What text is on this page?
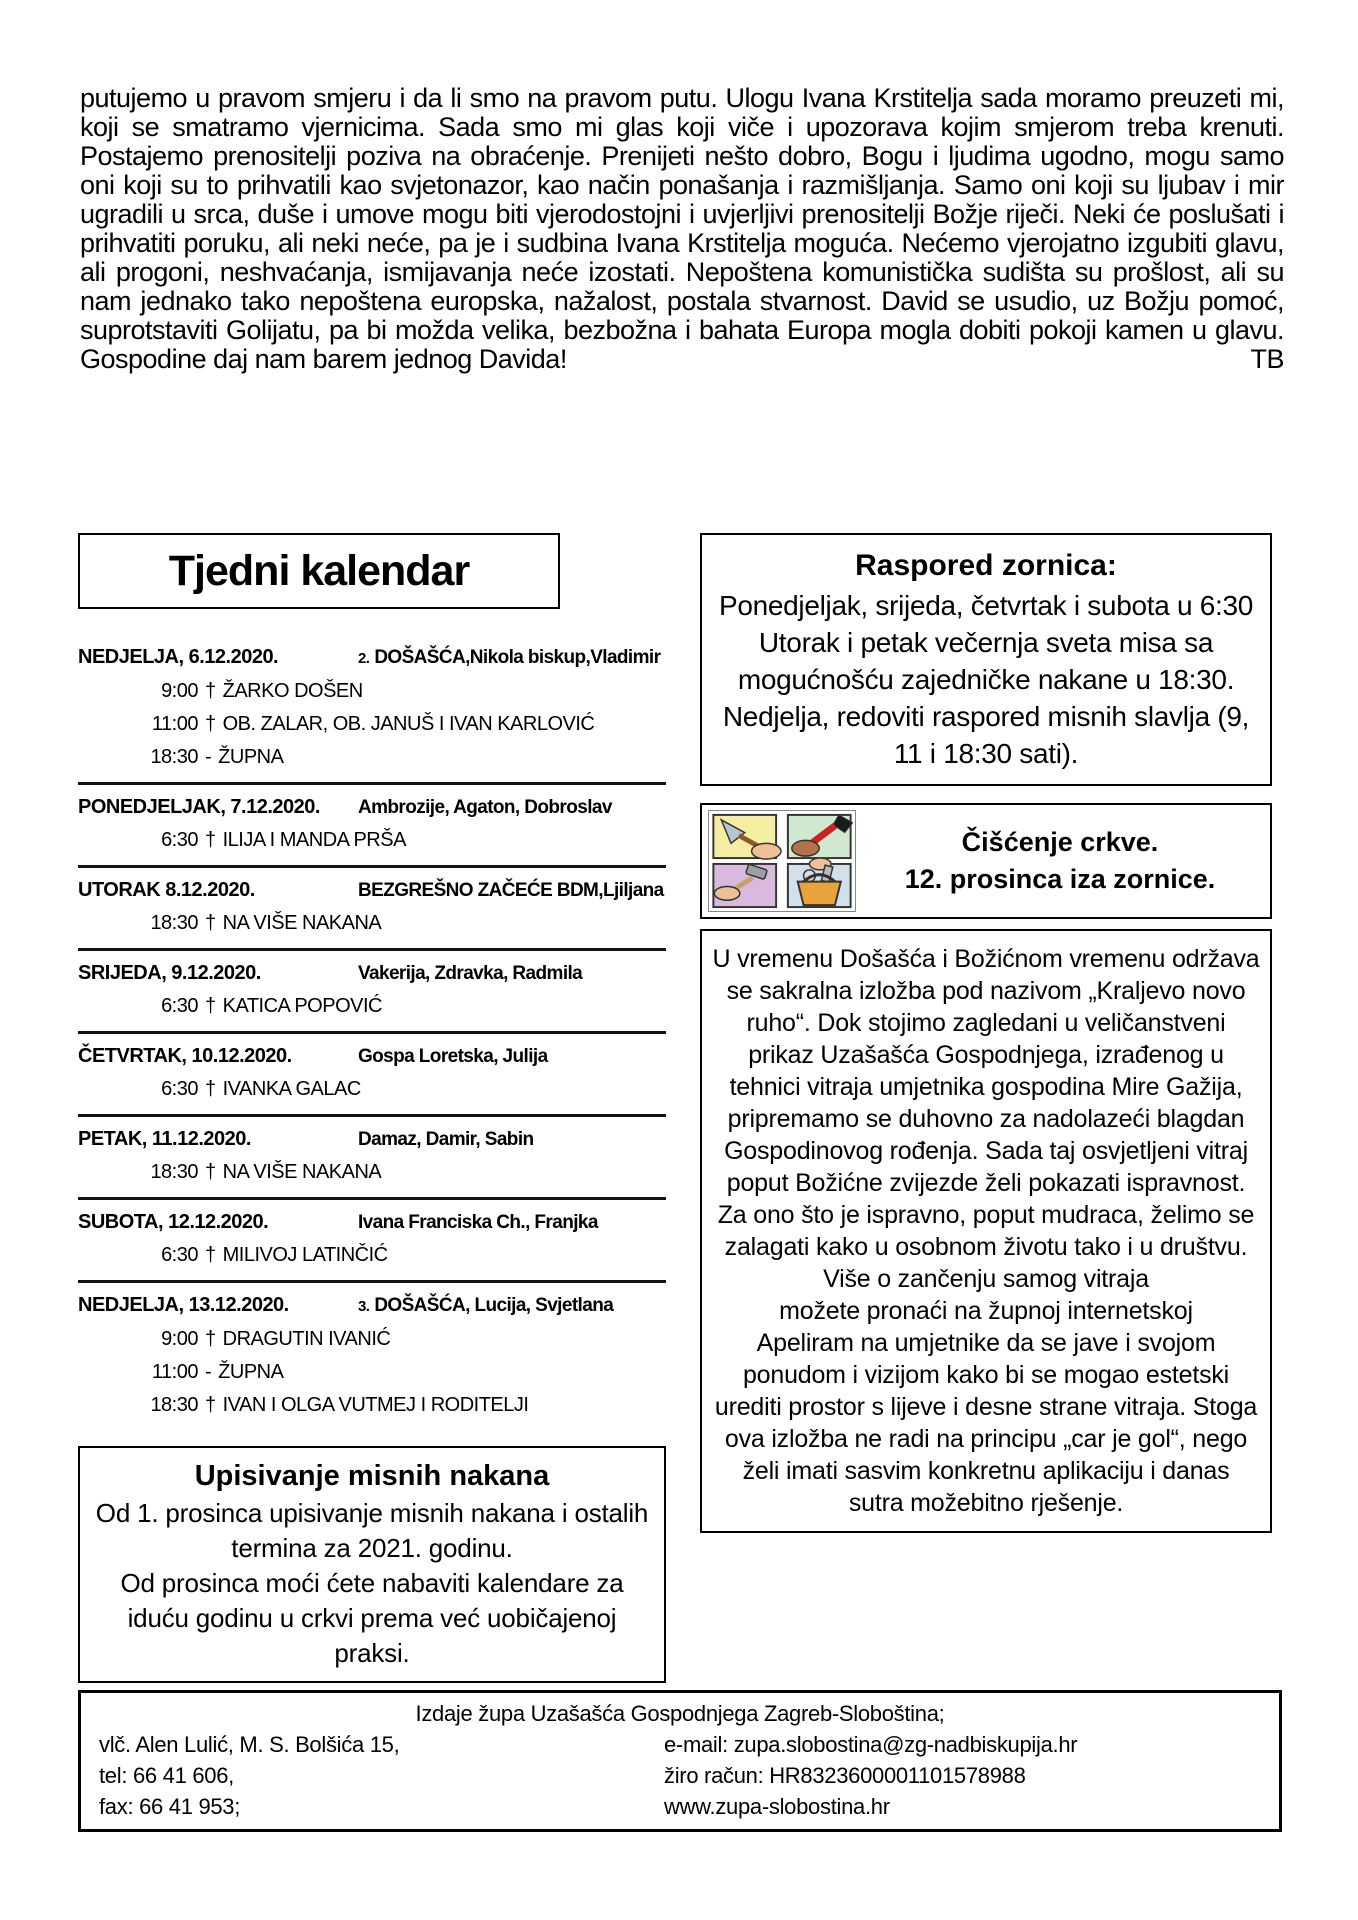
putujemo u pravom smjeru i da li smo na pravom putu. Ulogu Ivana Krstitelja sada moramo preuzeti mi, koji se smatramo vjernicima. Sada smo mi glas koji viče i upozorava kojim smjerom treba krenuti. Postajemo prenositelji poziva na obraćenje. Prenijeti nešto dobro, Bogu i ljudima ugodno, mogu samo oni koji su to prihvatili kao svjetonazor, kao način ponašanja i razmišljanja. Samo oni koji su ljubav i mir ugradili u srca, duše i umove mogu biti vjerodostojni i uvjerljivi prenositelji Božje riječi. Neki će poslušati i prihvatiti poruku, ali neki neće, pa je i sudbina Ivana Krstitelja moguća. Nećemo vjerojatno izgubiti glavu, ali progoni, neshvaćanja, ismijavanja neće izostati. Nepoštena komunistička sudišta su prošlost, ali su nam jednako tako nepoštena europska, nažalost, postala stvarnost. David se usudio, uz Božju pomoć, suprotstaviti Golijatu, pa bi možda velika, bezbožna i bahata Europa mogla dobiti pokoji kamen u glavu. Gospodine daj nam barem jednog Davida!	TB
Tjedni kalendar
NEDJELJA, 6.12.2020.	2. DOŠAŠĆA,Nikola biskup,Vladimir
9:00 † ŽARKO DOŠEN
11:00 † OB. ZALAR, OB. JANUŠ I IVAN KARLOVIĆ
18:30 - ŽUPNA
PONEDJELJAK, 7.12.2020.	Ambrozije, Agaton, Dobroslav
6:30 † ILIJA I MANDA PRŠA
UTORAK 8.12.2020.	BEZGREŠNO ZAČEĆE BDM,Ljiljana
18:30 † NA VIŠE NAKANA
SRIJEDA, 9.12.2020.	Vakerija, Zdravka, Radmila
6:30 † KATICA POPOVIĆ
ČETVRTAK, 10.12.2020.	Gospa Loretska, Julija
6:30 † IVANKA GALAC
PETAK, 11.12.2020.	Damaz, Damir, Sabin
18:30 † NA VIŠE NAKANA
SUBOTA, 12.12.2020.	Ivana Franciska Ch., Franjka
6:30 † MILIVOJ LATINČIĆ
NEDJELJA, 13.12.2020.	3. DOŠAŠĆA, Lucija, Svjetlana
9:00 † DRAGUTIN IVANIĆ
11:00 - ŽUPNA
18:30 † IVAN I OLGA VUTMEJ I RODITELJI
Upisivanje misnih nakana
Od 1. prosinca upisivanje misnih nakana i ostalih termina za 2021. godinu.
Od prosinca moći ćete nabaviti kalendare za iduću godinu u crkvi prema već uobičajenoj praksi.
Raspored zornica:
Ponedjeljak, srijeda, četvrtak i subota u 6:30
Utorak i petak večernja sveta misa sa mogućnošću zajedničke nakane u 18:30.
Nedjelja, redoviti raspored misnih slavlja (9, 11 i 18:30 sati).
Čišćenje crkve.
12. prosinca iza zornice.

U vremenu Došašća i Božićnom vremenu održava se sakralna izložba pod nazivom „Kraljevo novo ruho“. Dok stojimo zagledani u veličanstveni prikaz Uzašašća Gospodnjega, izrađenog u tehnici vitraja umjetnika gospodina Mire Gažija, pripremamo se duhovno za nadolazeći blagdan Gospodinovog rođenja. Sada taj osvjetljeni vitraj poput Božićne zvijezde želi pokazati ispravnost. Za ono što je ispravno, poput mudraca, želimo se zalagati kako u osobnom životu tako i u društvu.

Više o zančenju samog vitraja

možete pronaći na župnoj internetskoj

Apeliram na umjetnike da se jave i svojom ponudom i vizijom kako bi se mogao estetski urediti prostor s lijeve i desne strane vitraja. Stoga ova izložba ne radi na principu „car je gol“, nego želi imati sasvim konkretnu aplikaciju i danas sutra možebitno rješenje.

Izdaje župa Uzašašća Gospodnjega Zagreb-Sloboština;
vlč. Alen Lulić, M. S. Bolšića 15,
tel: 66 41 606,
fax: 66 41 953;
e-mail: zupa.slobostina@zg-nadbiskupija.hr
žiro račun: HR8323600001101578988
www.zupa-slobostina.hr
